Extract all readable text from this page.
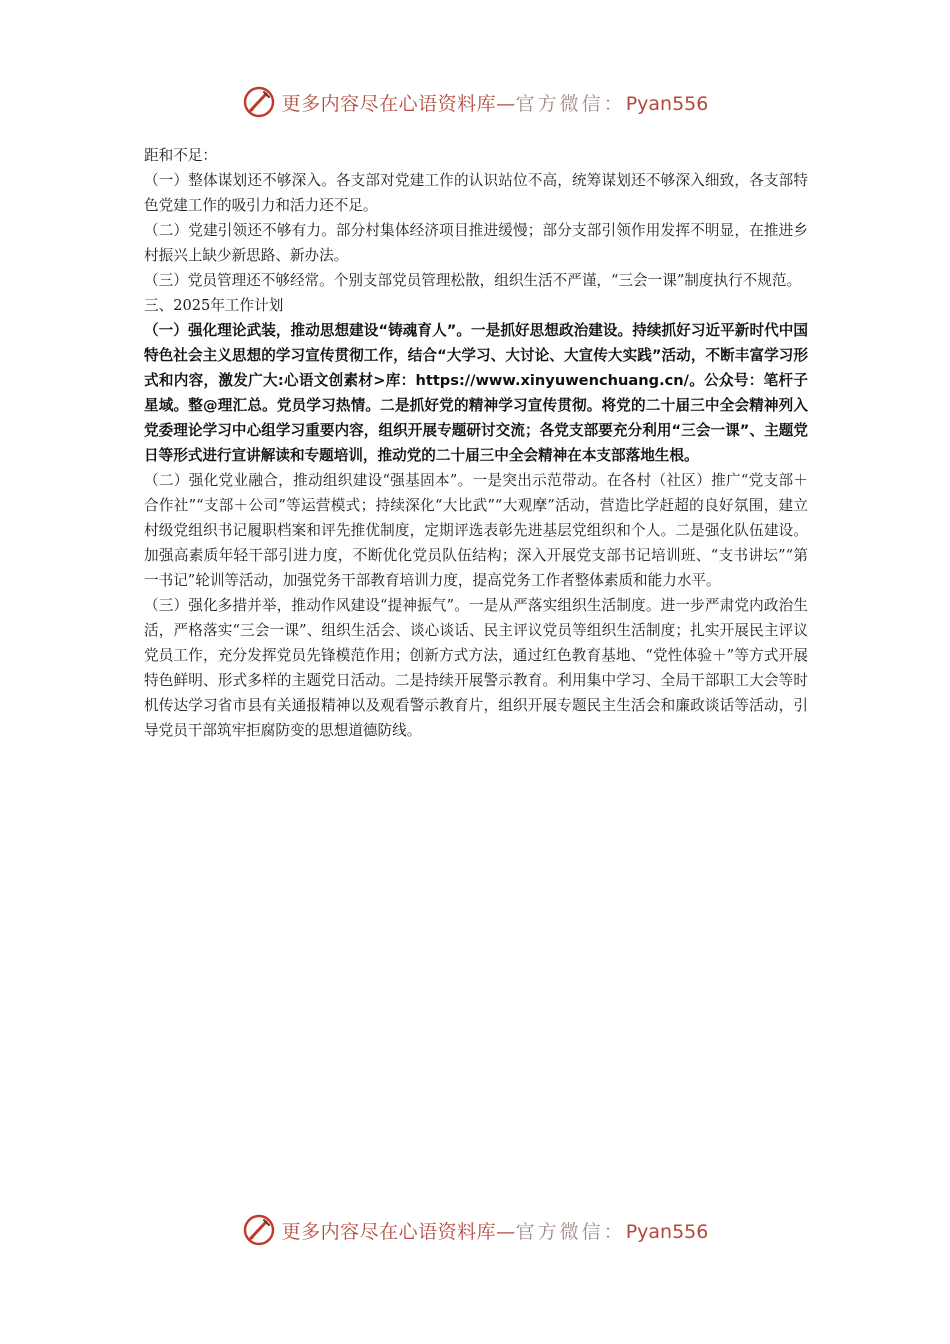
更多内容尽在心语资料库—官方微信：Pyan556

距和不足：

（一）整体谋划还不够深入。各支部对党建工作的认识站位不高，统筹谋划还不够深入细致，各支部特色党建工作的吸引力和活力还不足。

（二）党建引领还不够有力。部分村集体经济项目推进缓慢；部分支部引领作用发挥不明显，在推进乡村振兴上缺少新思路、新办法。

（三）党员管理还不够经常。个别支部党员管理松散，组织生活不严谨，“三会一课”制度执行不规范。

三、2025年工作计划

（一）强化理论武装，推动思想建设“铸魂育人”。一是抓好思想政治建设。持续抓好习近平新时代中国特色社会主义思想的学习宣传贯彻工作，结合“大学习、大讨论、大宣传大实践”活动，不断丰富学习形式和内容，激发广大:心语文创素材>库：https://www.xinyuwenchuang.cn/。公众号：笔杆子星域。整@理汇总。党员学习热情。二是抓好党的精神学习宣传贯彻。将党的二十届三中全会精神列入党委理论学习中心组学习重要内容，组织开展专题研讨交流；各党支部要充分利用“三会一课”、主题党日等形式进行宣讲解读和专题培训，推动党的二十届三中全会精神在本支部落地生根。

（二）强化党业融合，推动组织建设“强基固本”。一是突出示范带动。在各村（社区）推广“党支部＋合作社”“支部＋公司”等运营模式；持续深化“大比武”“大观摩”活动，营造比学赶超的良好氛围，建立村级党组织书记履职档案和评先推优制度，定期评选表彰先进基层党组织和个人。二是强化队伍建设。加强高素质年轻干部引进力度，不断优化党员队伍结构；深入开展党支部书记培训班、“支书讲坛”“第一书记”轮训等活动，加强党务干部教育培训力度，提高党务工作者整体素质和能力水平。

（三）强化多措并举，推动作风建设“提神振气”。一是从严落实组织生活制度。进一步严肃党内政治生活，严格落实“三会一课”、组织生活会、谈心谈话、民主评议党员等组织生活制度；扎实开展民主评议党员工作，充分发挥党员先锋模范作用；创新方式方法，通过红色教育基地、“党性体验＋”等方式开展特色鲜明、形式多样的主题党日活动。二是持续开展警示教育。利用集中学习、全局干部职工大会等时机传达学习省市县有关通报精神以及观看警示教育片，组织开展专题民主生活会和廉政谈话等活动，引导党员干部筑牢拒腐防变的思想道德防线。

更多内容尽在心语资料库—官方微信：Pyan556
